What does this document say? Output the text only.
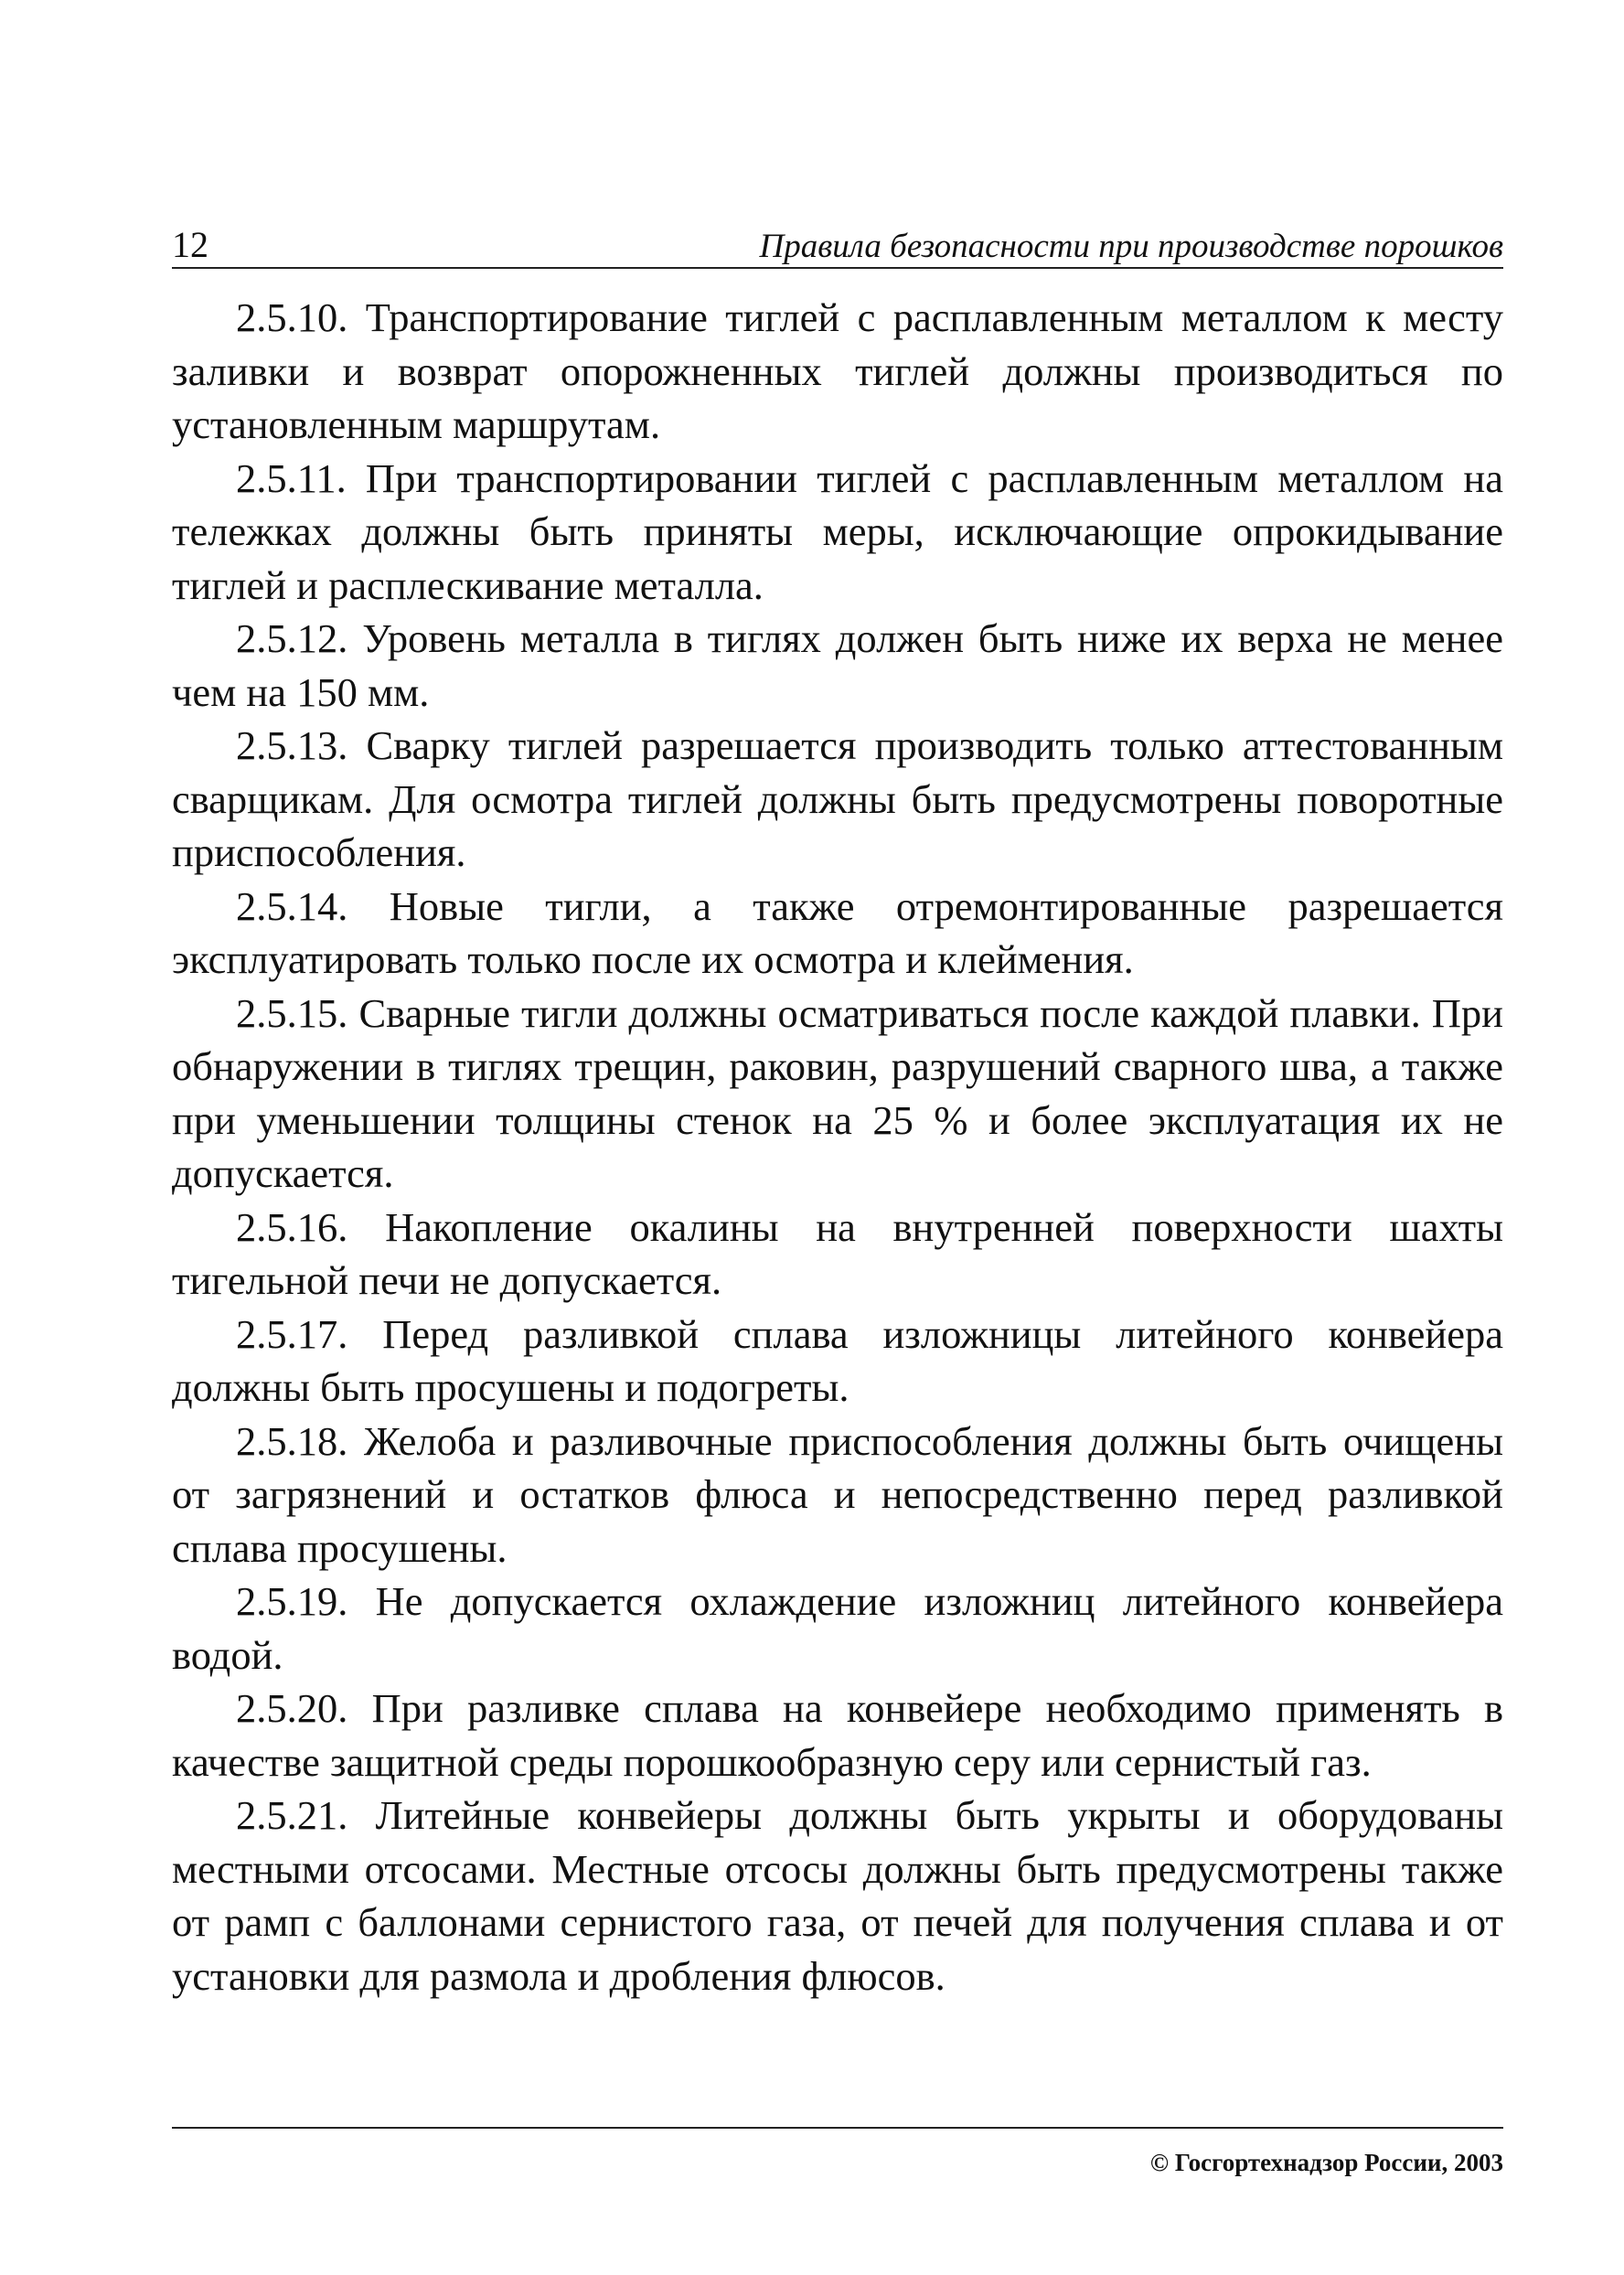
12	Правила безопасности при производстве порошков

2.5.10. Транспортирование тиглей с расплавленным металлом к месту заливки и возврат опорожненных тиглей должны производиться по установленным маршрутам.

2.5.11. При транспортировании тиглей с расплавленным металлом на тележках должны быть приняты меры, исключающие опрокидывание тиглей и расплескивание металла.

2.5.12. Уровень металла в тиглях должен быть ниже их верха не менее чем на 150 мм.

2.5.13. Сварку тиглей разрешается производить только аттестованным сварщикам. Для осмотра тиглей должны быть предусмотрены поворотные приспособления.

2.5.14. Новые тигли, а также отремонтированные разрешается эксплуатировать только после их осмотра и клеймения.

2.5.15. Сварные тигли должны осматриваться после каждой плавки. При обнаружении в тиглях трещин, раковин, разрушений сварного шва, а также при уменьшении толщины стенок на 25 % и более эксплуатация их не допускается.

2.5.16. Накопление окалины на внутренней поверхности шахты тигельной печи не допускается.

2.5.17. Перед разливкой сплава изложницы литейного конвейера должны быть просушены и подогреты.

2.5.18. Желоба и разливочные приспособления должны быть очищены от загрязнений и остатков флюса и непосредственно перед разливкой сплава просушены.

2.5.19. Не допускается охлаждение изложниц литейного конвейера водой.

2.5.20. При разливке сплава на конвейере необходимо применять в качестве защитной среды порошкообразную серу или сернистый газ.

2.5.21. Литейные конвейеры должны быть укрыты и оборудованы местными отсосами. Местные отсосы должны быть предусмотрены также от рамп с баллонами сернистого газа, от печей для получения сплава и от установки для размола и дробления флюсов.

© Госгортехнадзор России, 2003
